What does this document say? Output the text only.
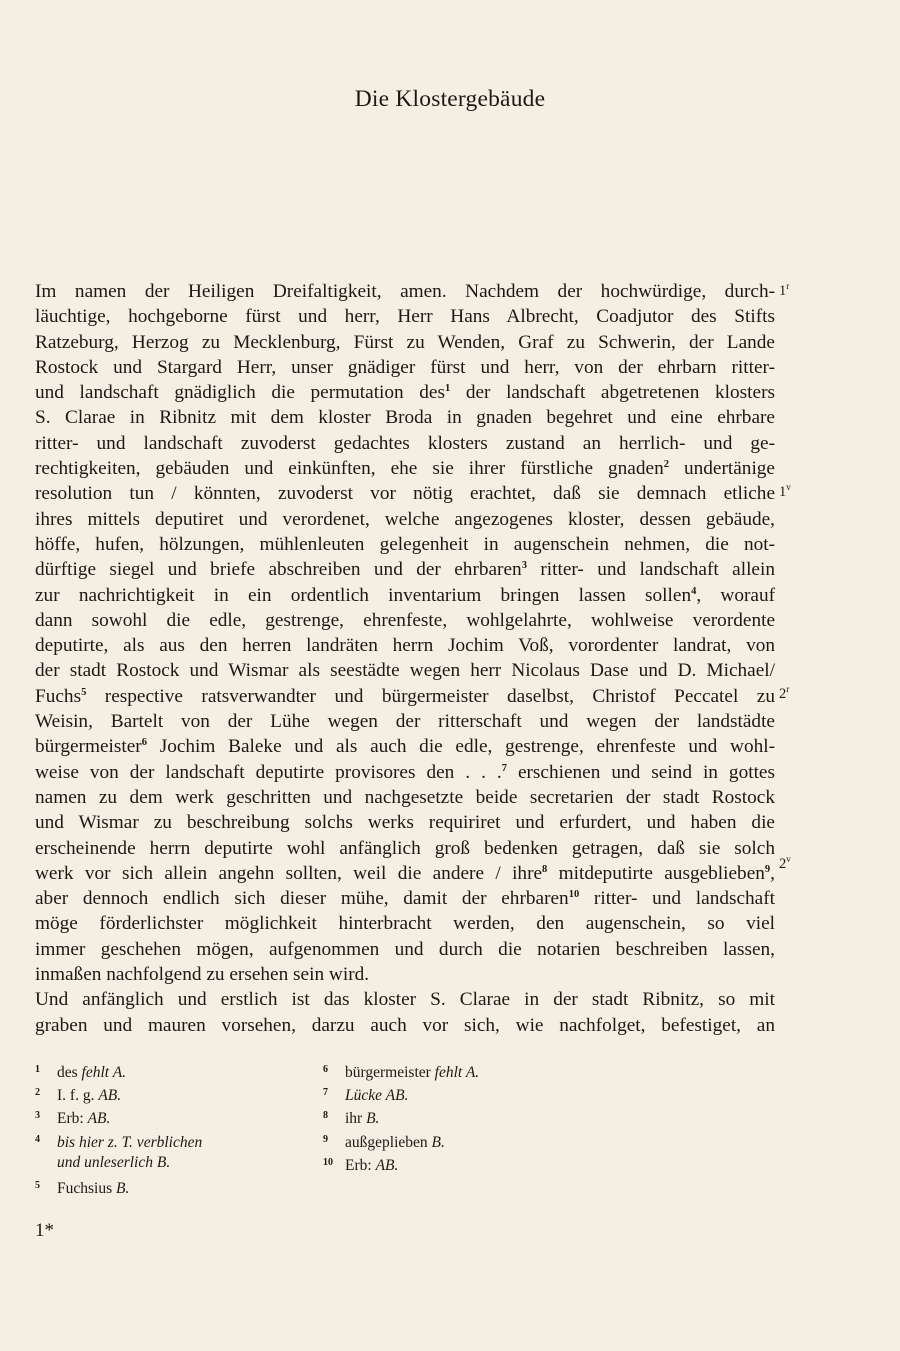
Die Klostergebäude
Im namen der Heiligen Dreifaltigkeit, amen. Nachdem der hochwürdige, durch-
läuchtige, hochgeborne fürst und herr, Herr Hans Albrecht, Coadjutor des Stifts
Ratzeburg, Herzog zu Mecklenburg, Fürst zu Wenden, Graf zu Schwerin, der Lande
Rostock und Stargard Herr, unser gnädiger fürst und herr, von der ehrbarn ritter-
und landschaft gnädiglich die permutation des$^1$ der landschaft abgetretenen klosters
S. Clarae in Ribnitz mit dem kloster Broda in gnaden begehret und eine ehrbare
ritter- und landschaft zuvoderst gedachtes klosters zustand an herrlich- und ge-
rechtigkeiten, gebäuden und einkünften, ehe sie ihrer fürstliche gnaden$^2$ undertänige
resolution tun / könnten, zuvoderst vor nötig erachtet, daß sie demnach etliche
ihres mittels deputiret und verordenet, welche angezogenes kloster, dessen gebäude,
höffe, hufen, hölzungen, mühlenleuten gelegenheit in augenschein nehmen, die not-
dürftige siegel und briefe abschreiben und der ehrbaren$^3$ ritter- und landschaft allein
zur nachrichtigkeit in ein ordentlich inventarium bringen lassen sollen$^4$, worauf
dann sowohl die edle, gestrenge, ehrenfeste, wohlgelahrte, wohlweise verordente
deputirte, als aus den herren landräten herrn Jochim Voß, vorordenter landrat, von
der stadt Rostock und Wismar als seestädte wegen herr Nicolaus Dase und D. Michael/
Fuchs$^5$ respective ratsverwandter und bürgermeister daselbst, Christof Peccatel zu
Weisin, Bartelt von der Lühe wegen der ritterschaft und wegen der landstädte
bürgermeister$^6$ Jochim Baleke und als auch die edle, gestrenge, ehrenfeste und wohl-
weise von der landschaft deputirte provisores den . . .$^7$ erschienen und seind in gottes
namen zu dem werk geschritten und nachgesetzte beide secretarien der stadt Rostock
und Wismar zu beschreibung solchs werks requiriret und erfurdert, und haben die
erscheinende herrn deputirte wohl anfänglich groß bedenken getragen, daß sie solch
werk vor sich allein angehn sollten, weil die andere / ihre$^8$ mitdeputirte ausgeblieben$^9$,
aber dennoch endlich sich dieser mühe, damit der ehrbaren$^{10}$ ritter- und landschaft
möge förderlichster möglichkeit hinterbracht werden, den augenschein, so viel
immer geschehen mögen, aufgenommen und durch die notarien beschreiben lassen,
inmaßen nachfolgend zu ersehen sein wird.
Und anfänglich und erstlich ist das kloster S. Clarae in der stadt Ribnitz, so mit
graben und mauren vorsehen, darzu auch vor sich, wie nachfolget, befestiget, an
1$^r$
1$^v$
2$^r$
2$^v$
1 des fehlt A.
2 I. f. g. AB.
3 Erb: AB.
4 bis hier z. T. verblichen
und unleserlich B.
5 Fuchsius B.
6 bürgermeister fehlt A.
7 Lücke AB.
8 ihr B.
9 außgeplieben B.
10 Erb: AB.
1*
